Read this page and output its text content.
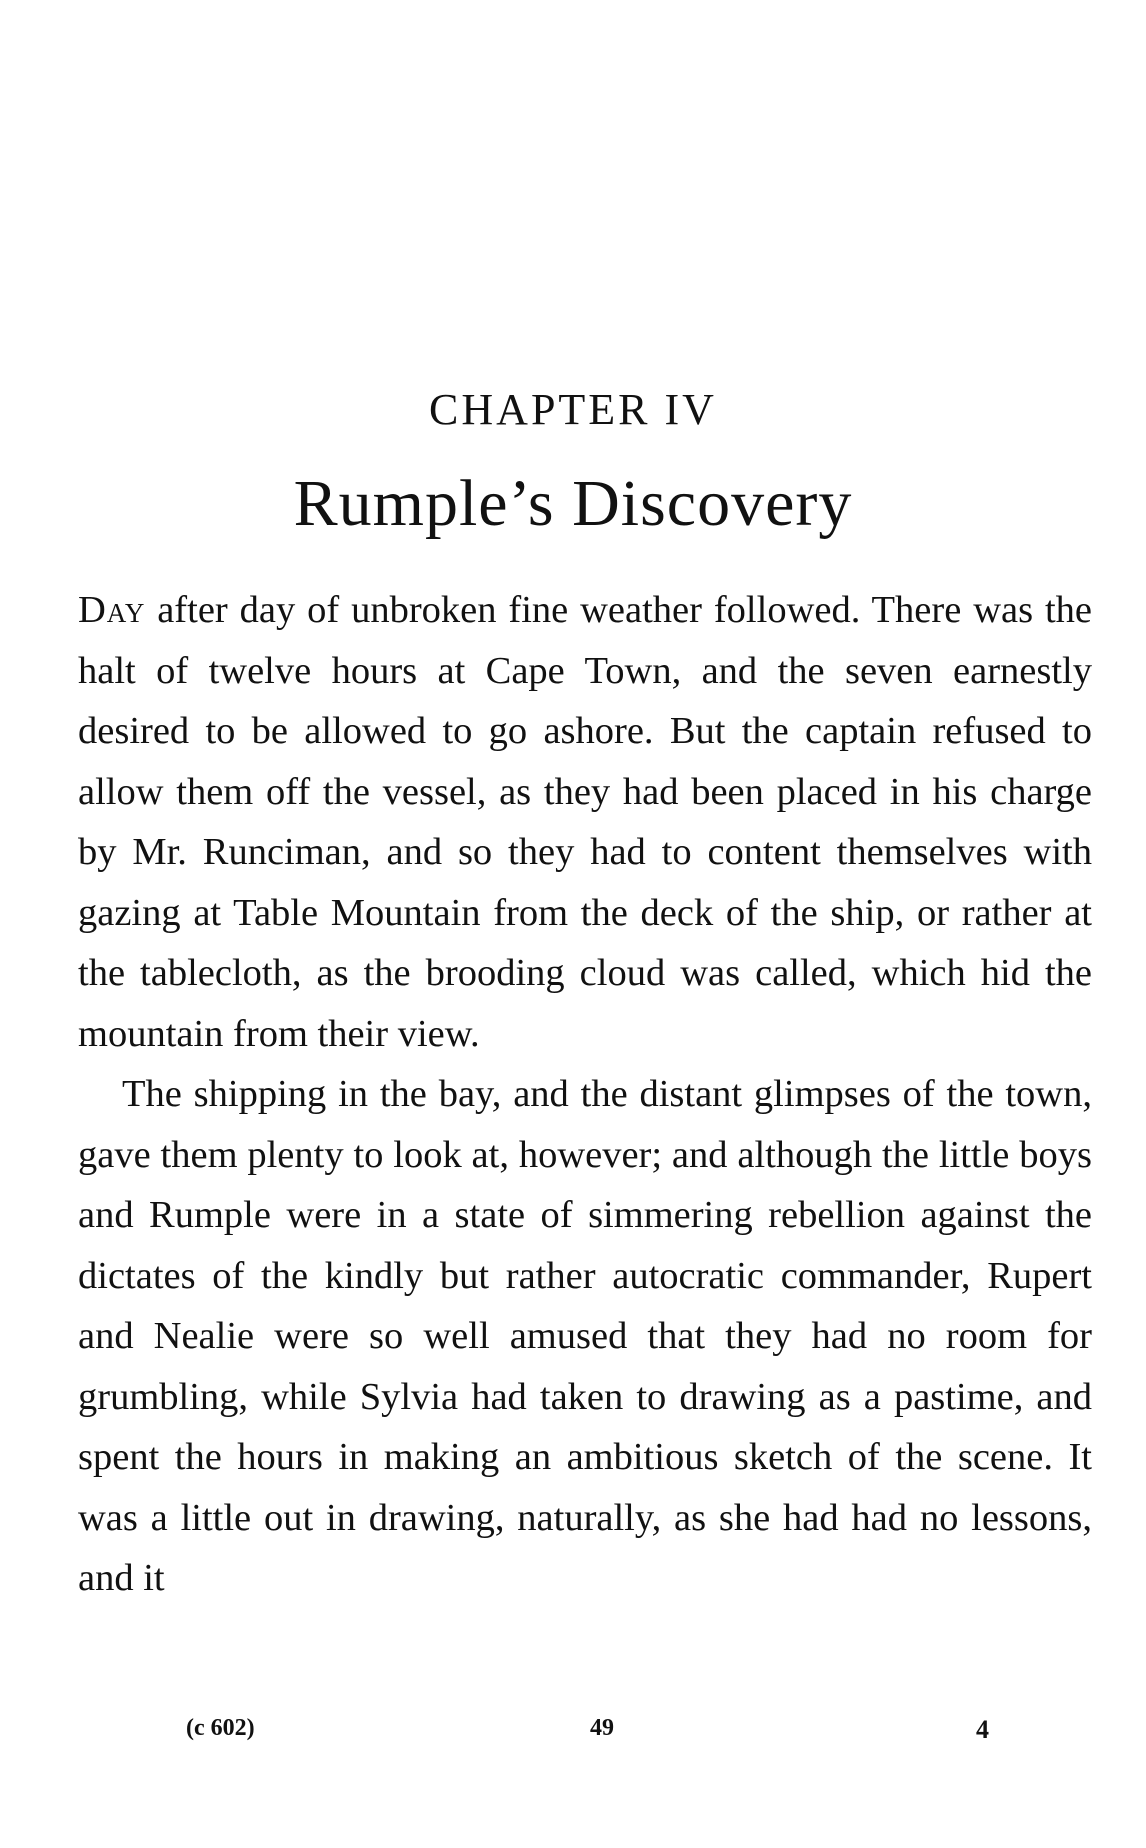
CHAPTER IV
Rumple’s Discovery

Day after day of unbroken fine weather followed. There was the halt of twelve hours at Cape Town, and the seven earnestly desired to be allowed to go ashore. But the captain refused to allow them off the vessel, as they had been placed in his charge by Mr. Runciman, and so they had to content themselves with gazing at Table Mountain from the deck of the ship, or rather at the tablecloth, as the brooding cloud was called, which hid the mountain from their view.

The shipping in the bay, and the distant glimpses of the town, gave them plenty to look at, however; and although the little boys and Rumple were in a state of simmering rebellion against the dictates of the kindly but rather autocratic commander, Rupert and Nealie were so well amused that they had no room for grumbling, while Sylvia had taken to drawing as a pastime, and spent the hours in making an ambitious sketch of the scene. It was a little out in drawing, naturally, as she had had no lessons, and it

(c 602)	49	4
